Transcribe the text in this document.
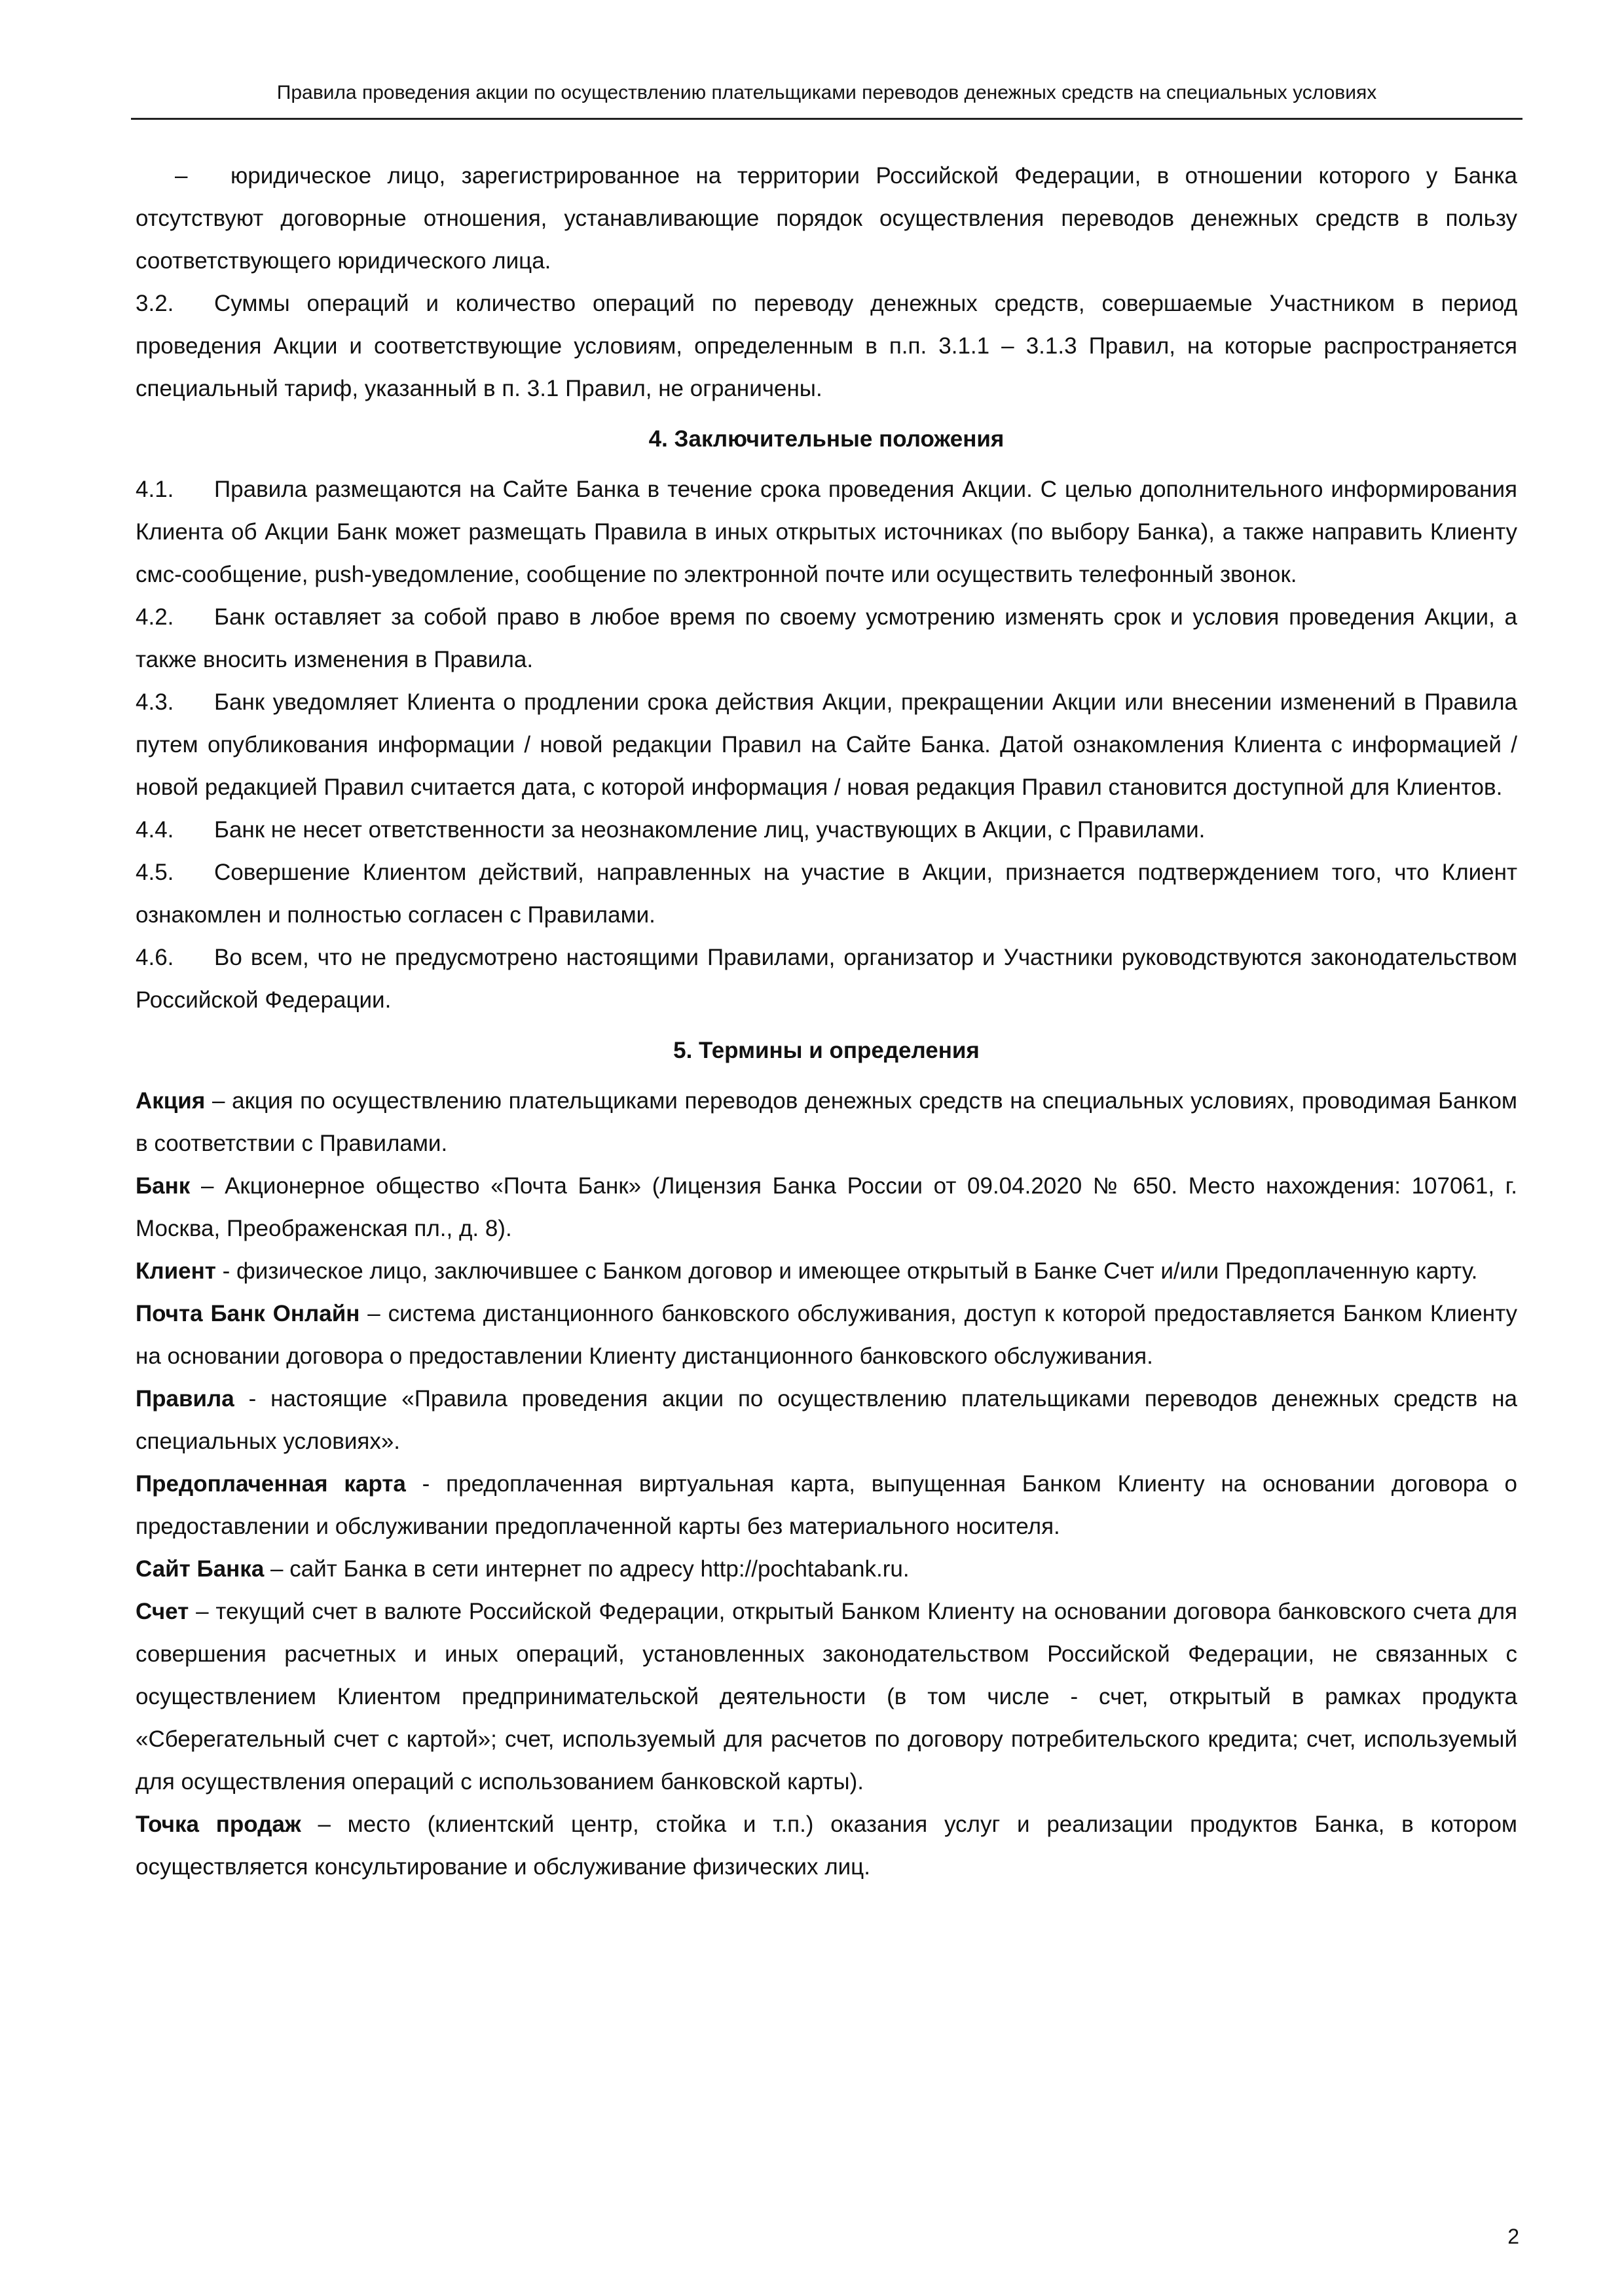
Правила проведения акции по осуществлению плательщиками переводов денежных средств на специальных условиях

– юридическое лицо, зарегистрированное на территории Российской Федерации, в отношении которого у Банка отсутствуют договорные отношения, устанавливающие порядок осуществления переводов денежных средств в пользу соответствующего юридического лица.

3.2. Суммы операций и количество операций по переводу денежных средств, совершаемые Участником в период проведения Акции и соответствующие условиям, определенным в п.п. 3.1.1 – 3.1.3 Правил, на которые распространяется специальный тариф, указанный в п. 3.1 Правил, не ограничены.

4. Заключительные положения

4.1. Правила размещаются на Сайте Банка в течение срока проведения Акции. С целью дополнительного информирования Клиента об Акции Банк может размещать Правила в иных открытых источниках (по выбору Банка), а также направить Клиенту смс-сообщение, push-уведомление, сообщение по электронной почте или осуществить телефонный звонок.

4.2. Банк оставляет за собой право в любое время по своему усмотрению изменять срок и условия проведения Акции, а также вносить изменения в Правила.

4.3. Банк уведомляет Клиента о продлении срока действия Акции, прекращении Акции или внесении изменений в Правила путем опубликования информации / новой редакции Правил на Сайте Банка. Датой ознакомления Клиента с информацией / новой редакцией Правил считается дата, с которой информация / новая редакция Правил становится доступной для Клиентов.

4.4. Банк не несет ответственности за неознакомление лиц, участвующих в Акции, с Правилами.

4.5. Совершение Клиентом действий, направленных на участие в Акции, признается подтверждением того, что Клиент ознакомлен и полностью согласен с Правилами.

4.6. Во всем, что не предусмотрено настоящими Правилами, организатор и Участники руководствуются законодательством Российской Федерации.

5. Термины и определения

Акция – акция по осуществлению плательщиками переводов денежных средств на специальных условиях, проводимая Банком в соответствии с Правилами.

Банк – Акционерное общество «Почта Банк» (Лицензия Банка России от 09.04.2020 № 650. Место нахождения: 107061, г. Москва, Преображенская пл., д. 8).

Клиент - физическое лицо, заключившее с Банком договор и имеющее открытый в Банке Счет и/или Предоплаченную карту.

Почта Банк Онлайн – система дистанционного банковского обслуживания, доступ к которой предоставляется Банком Клиенту на основании договора о предоставлении Клиенту дистанционного банковского обслуживания.

Правила - настоящие «Правила проведения акции по осуществлению плательщиками переводов денежных средств на специальных условиях».

Предоплаченная карта - предоплаченная виртуальная карта, выпущенная Банком Клиенту на основании договора о предоставлении и обслуживании предоплаченной карты без материального носителя.

Сайт Банка – сайт Банка в сети интернет по адресу http://pochtabank.ru.

Счет – текущий счет в валюте Российской Федерации, открытый Банком Клиенту на основании договора банковского счета для совершения расчетных и иных операций, установленных законодательством Российской Федерации, не связанных с осуществлением Клиентом предпринимательской деятельности (в том числе - счет, открытый в рамках продукта «Сберегательный счет с картой»; счет, используемый для расчетов по договору потребительского кредита; счет, используемый для осуществления операций с использованием банковской карты).

Точка продаж – место (клиентский центр, стойка и т.п.) оказания услуг и реализации продуктов Банка, в котором осуществляется консультирование и обслуживание физических лиц.

2
